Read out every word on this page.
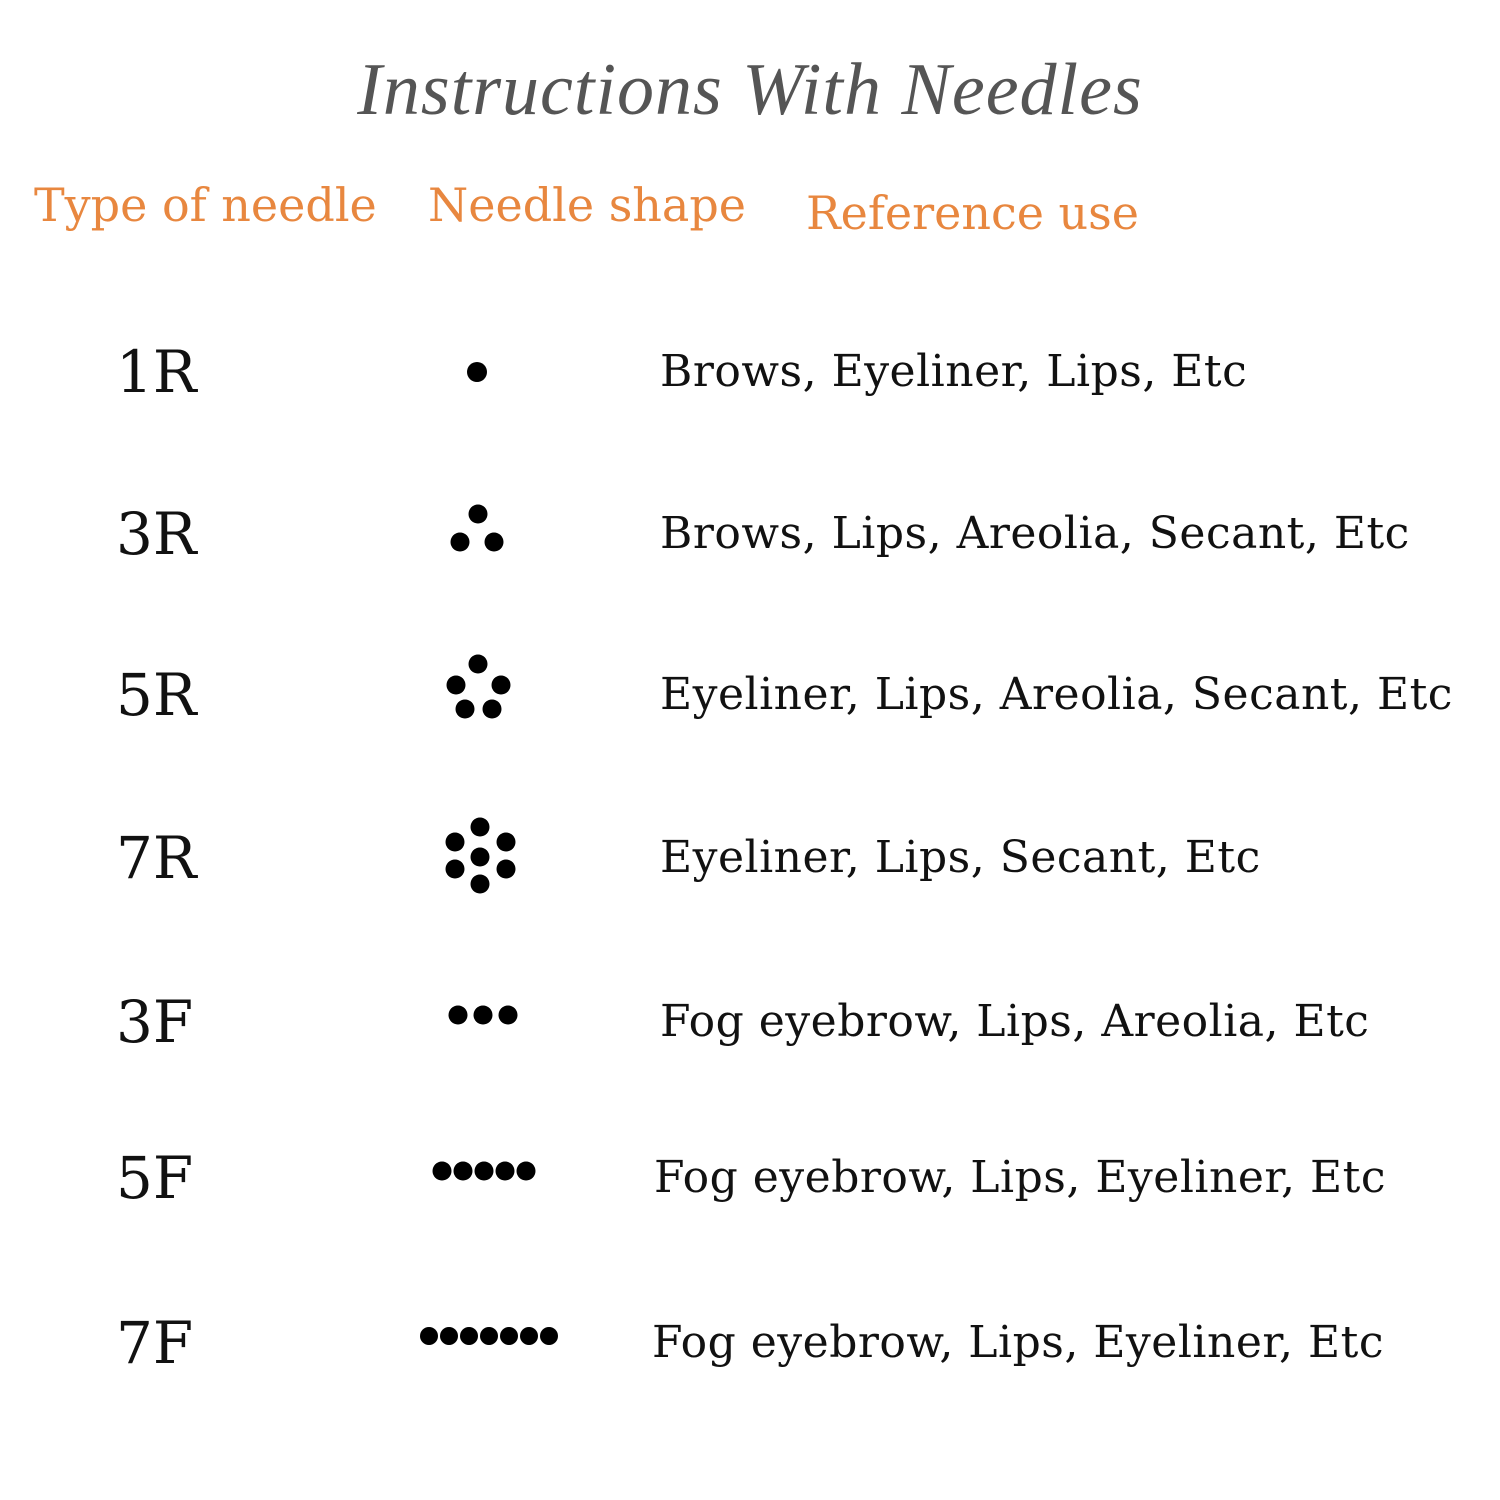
Instructions With Needles
Type of needle Needle shape Reference use
1R	Brows, Eyeliner, Lips, Etc
3R	Brows, Lips, Areolia, Secant, Etc
5R	Eyeliner, Lips, Areolia, Secant, Etc
7R	Eyeliner, Lips, Secant, Etc
3F	Fog eyebrow, Lips, Areolia, Etc
5F	Fog eyebrow, Lips, Eyeliner, Etc
7F	Fog eyebrow, Lips, Eyeliner, Etc
